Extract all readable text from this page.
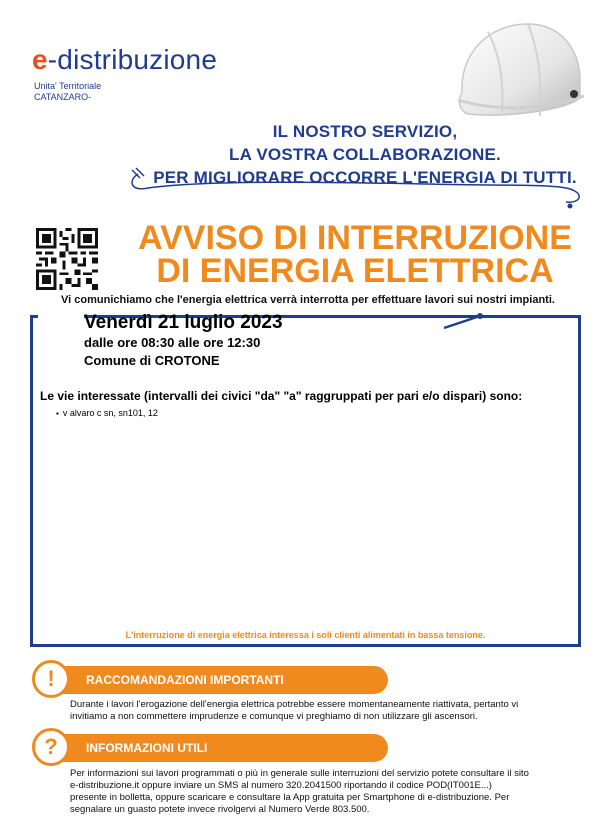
e-distribuzione
Unita' Territoriale
CATANZARO-
IL NOSTRO SERVIZIO,
LA VOSTRA COLLABORAZIONE.
PER MIGLIORARE OCCORRE L'ENERGIA DI TUTTI.
AVVISO DI INTERRUZIONE
DI ENERGIA ELETTRICA
Vi comunichiamo che l'energia elettrica verrà interrotta per effettuare lavori sui nostri impianti.
Venerdì 21 luglio 2023
dalle ore 08:30 alle ore 12:30
Comune di CROTONE
Le vie interessate (intervalli dei civici "da" "a" raggruppati per pari e/o dispari) sono:
▪ v alvaro c sn, sn101, 12
L'interruzione di energia elettrica interessa i soli clienti alimentati in bassa tensione.
!	RACCOMANDAZIONI IMPORTANTI
Durante i lavori l'erogazione dell'energia elettrica potrebbe essere momentaneamente riattivata, pertanto vi
invitiamo a non commettere imprudenze e comunque vi preghiamo di non utilizzare gli ascensori.
?	INFORMAZIONI UTILI
Per informazioni sui lavori programmati o più in generale sulle interruzioni del servizio potete consultare il sito
e-distribuzione.it oppure inviare un SMS al numero 320.2041500 riportando il codice POD(IT001E...)
presente in bolletta, oppure scaricare e consultare la App gratuita per Smartphone di e-distribuzione. Per
segnalare un guasto potete invece rivolgervi al Numero Verde 803.500.
